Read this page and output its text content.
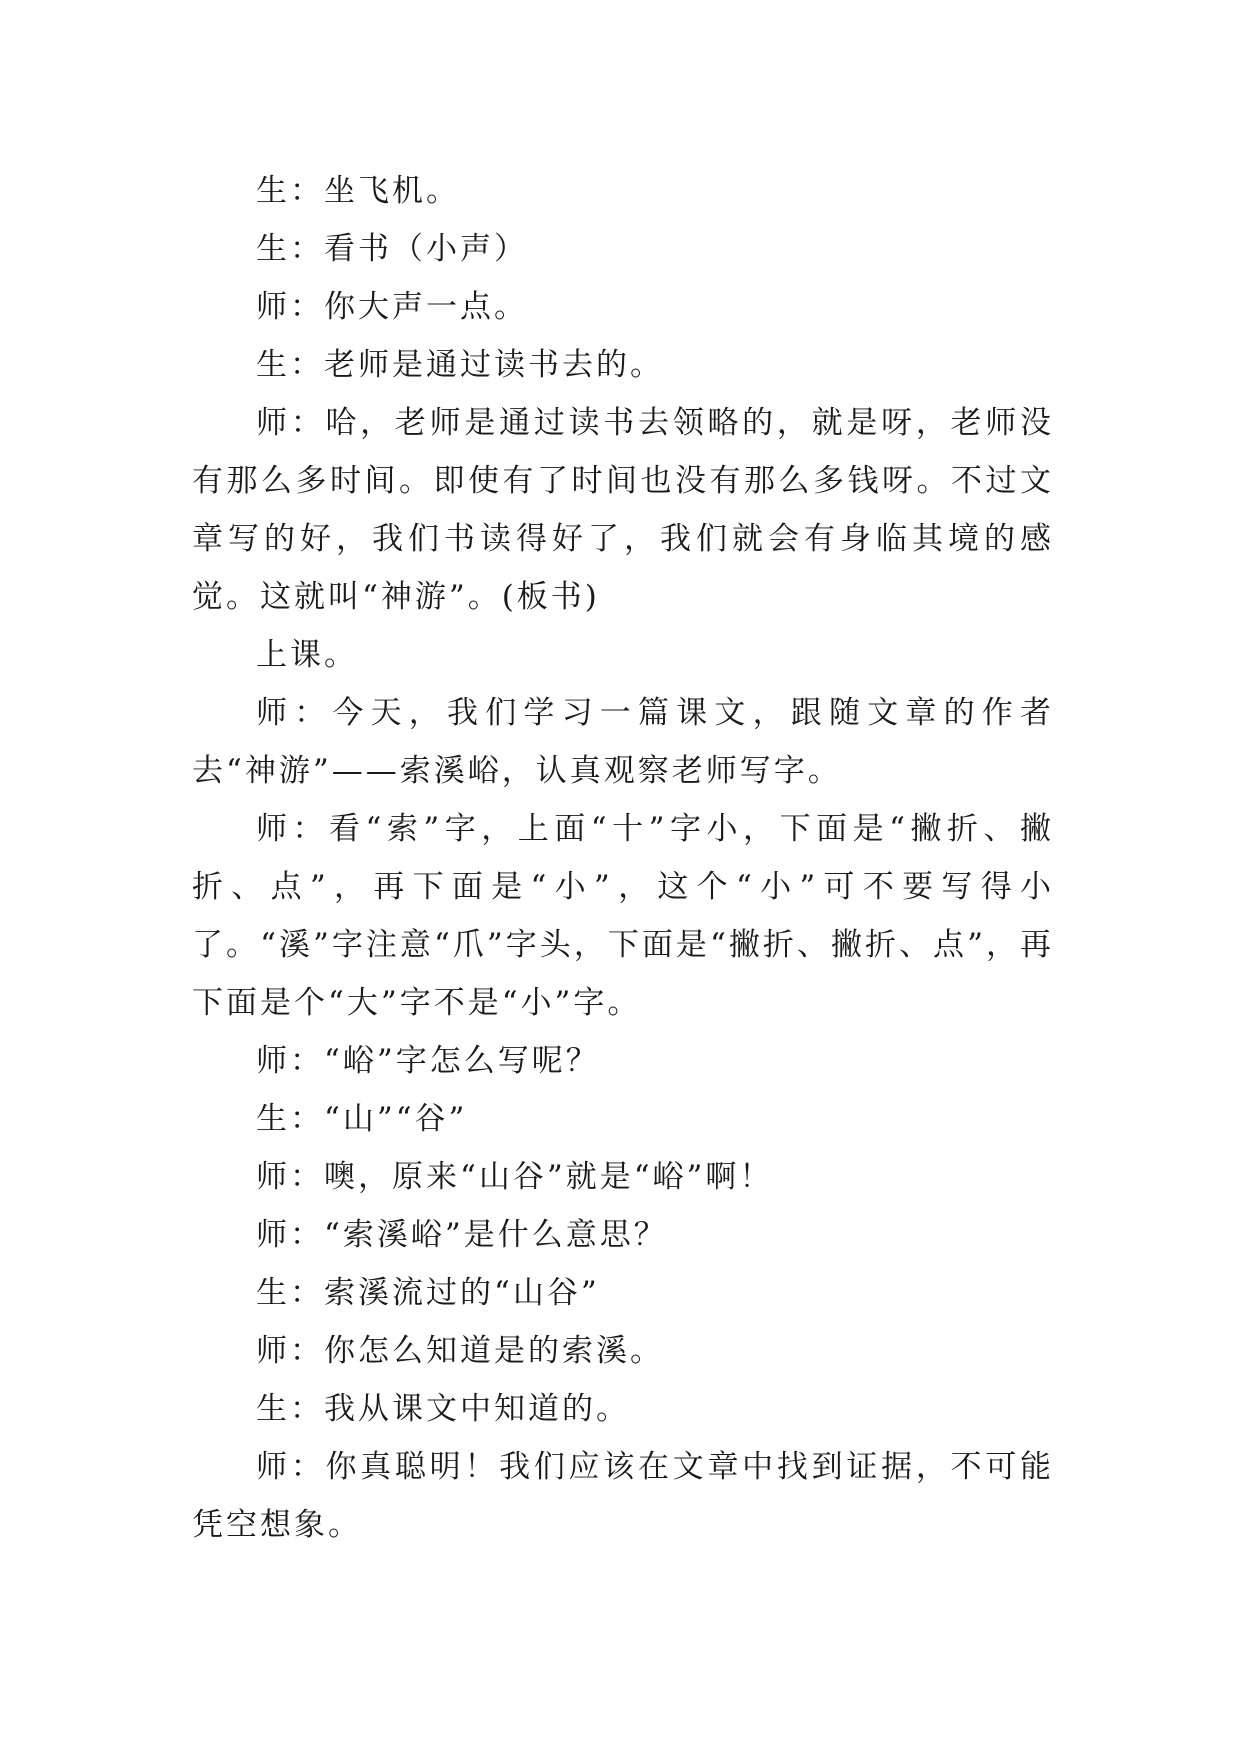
生：坐飞机。

生：看书（小声）

师：你大声一点。

生：老师是通过读书去的。

师：哈，老师是通过读书去领略的，就是呀，老师没有那么多时间。即使有了时间也没有那么多钱呀。不过文章写的好，我们书读得好了，我们就会有身临其境的感觉。这就叫“神游”。(板书)

上课。

师：今天，我们学习一篇课文，跟随文章的作者去“神游”——索溪峪，认真观察老师写字。

师：看“索”字，上面“十”字小，下面是“撇折、撇折、点”，再下面是“小”，这个“小”可不要写得小了。“溪”字注意“爪”字头，下面是“撇折、撇折、点”，再下面是个“大”字不是“小”字。

师：“峪”字怎么写呢？

生：“山”“谷”

师：噢，原来“山谷”就是“峪”啊！

师：“索溪峪”是什么意思？

生：索溪流过的“山谷”

师：你怎么知道是的索溪。

生：我从课文中知道的。

师：你真聪明！我们应该在文章中找到证据，不可能凭空想象。
